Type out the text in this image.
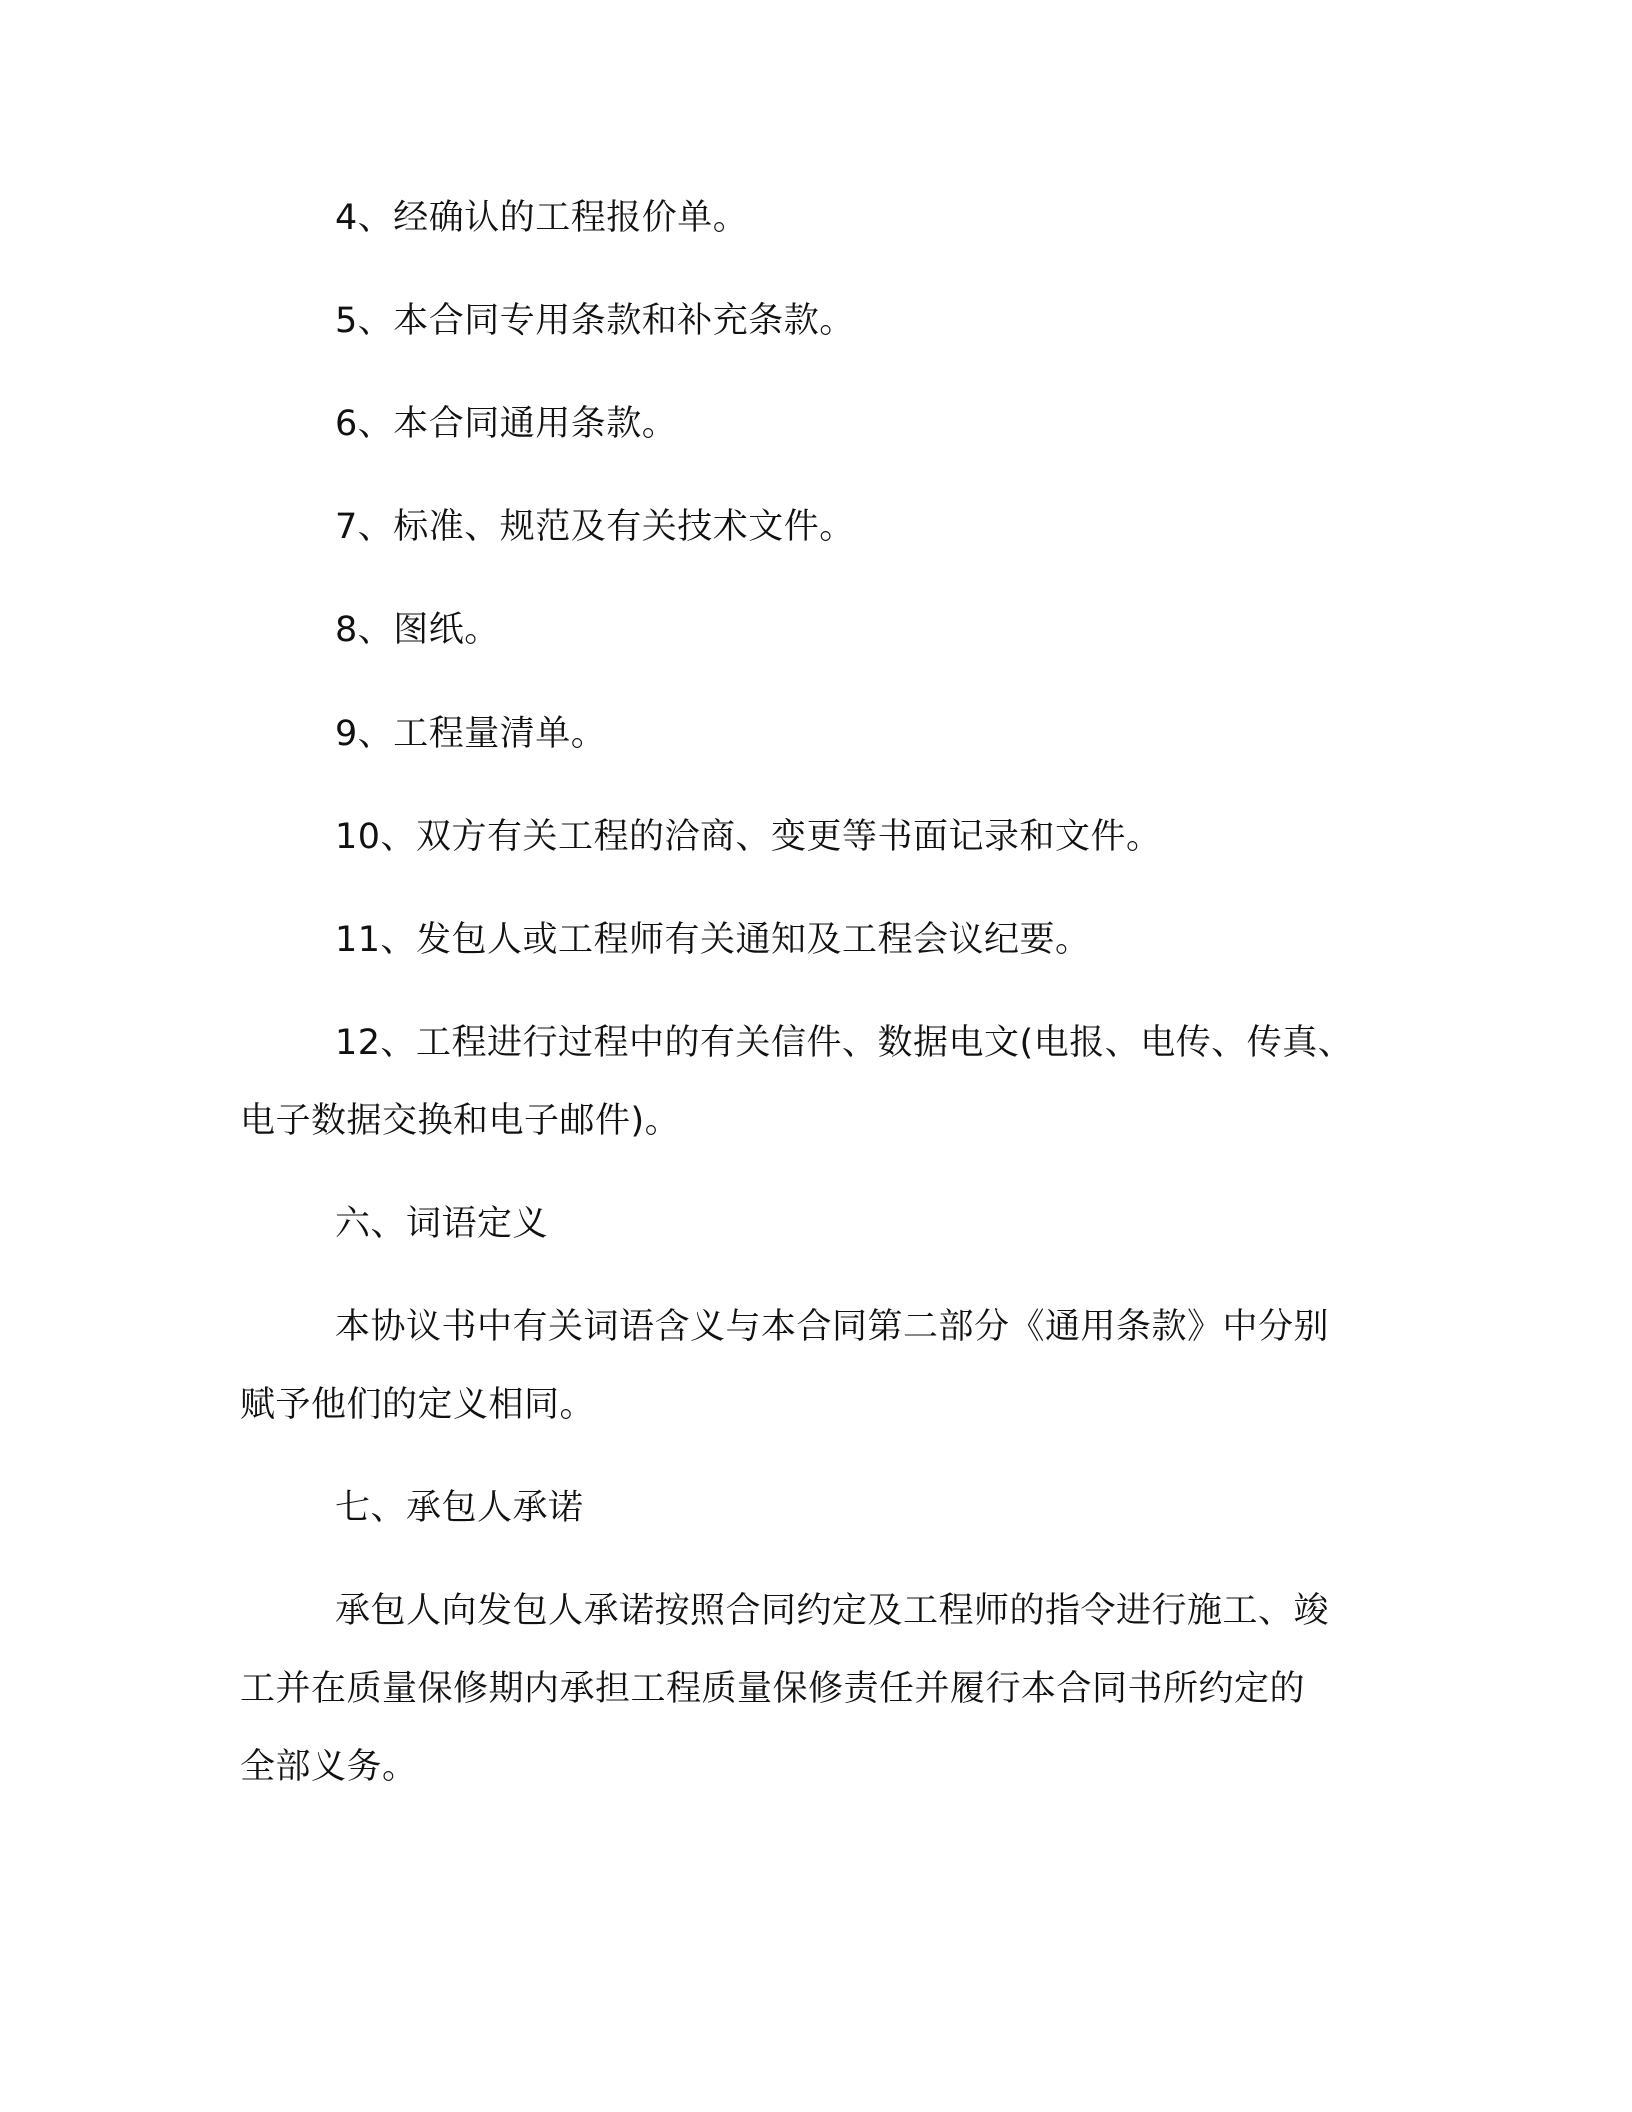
4、经确认的工程报价单。
5、本合同专用条款和补充条款。
6、本合同通用条款。
7、标准、规范及有关技术文件。
8、图纸。
9、工程量清单。
10、双方有关工程的洽商、变更等书面记录和文件。
11、发包人或工程师有关通知及工程会议纪要。
12、工程进行过程中的有关信件、数据电文(电报、电传、传真、
电子数据交换和电子邮件)。
六、词语定义
本协议书中有关词语含义与本合同第二部分《通用条款》中分别
赋予他们的定义相同。
七、承包人承诺
承包人向发包人承诺按照合同约定及工程师的指令进行施工、竣
工并在质量保修期内承担工程质量保修责任并履行本合同书所约定的
全部义务。
